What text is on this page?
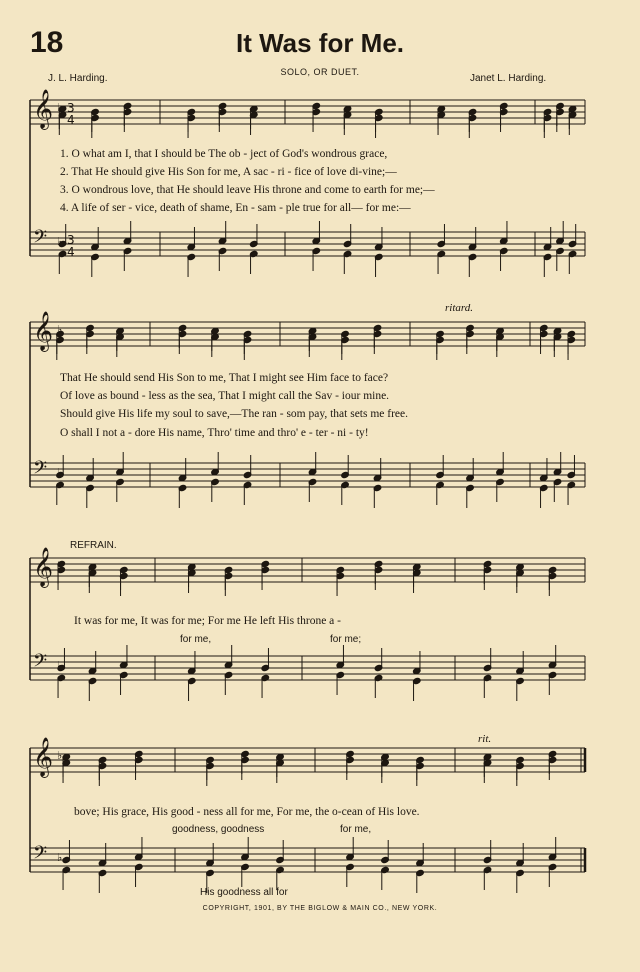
18	It Was for Me.
SOLO, OR DUET.
J. L. Harding.	Janet L. Harding.
𝄞 ♭ 3
4
𝄢 ♭ 3
4
𝄞 ♭
𝄢 ♭
𝄞 ♭
𝄢 ♭
𝄞 ♭
𝄢 ♭
1. O what am I, that I should be The ob - ject of God's wondrous grace,
2. That He should give His Son for me, A sac - ri - fice of love di-vine;—
3. O wondrous love, that He should leave His throne and come to earth for me;—
4. A life of ser - vice, death of shame, En - sam - ple true for all— for me:—
ritard.
That He should send His Son to me, That I might see Him face to face?
Of love as bound - less as the sea, That I might call the Sav - iour mine.
Should give His life my soul to save,—The ran - som pay, that sets me free.
O shall I not a - dore His name, Thro' time and thro' e - ter - ni - ty!
REFRAIN.
It was for me, It was for me; For me He left His throne a -
for me,	for me;
rit.
bove; His grace, His good - ness all for me, For me, the o-cean of His love.
goodness, goodness	for me,
His goodness all for
COPYRIGHT, 1901, BY THE BIGLOW & MAIN CO., NEW YORK.
